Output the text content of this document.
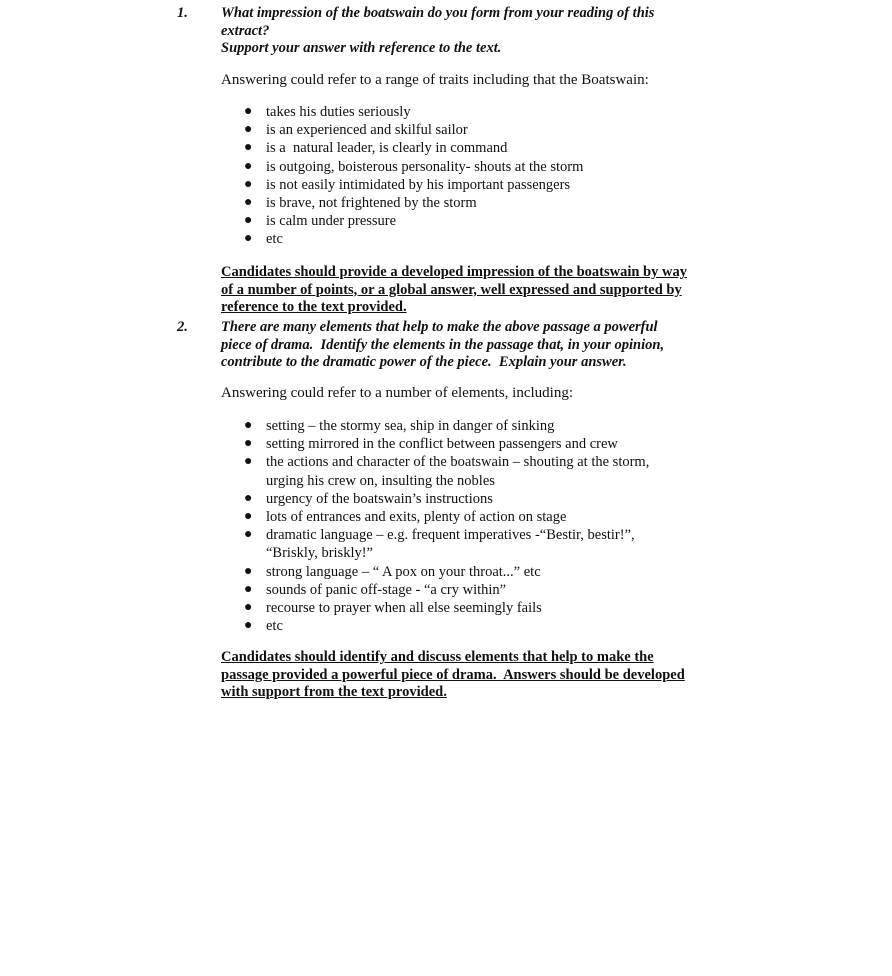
1. What impression of the boatswain do you form from your reading of this
extract?
Support your answer with reference to the text.
Answering could refer to a range of traits including that the Boatswain:
● takes his duties seriously
● is an experienced and skilful sailor
● is a  natural leader, is clearly in command
● is outgoing, boisterous personality- shouts at the storm
● is not easily intimidated by his important passengers
● is brave, not frightened by the storm
● is calm under pressure
● etc
Candidates should provide a developed impression of the boatswain by way
of a number of points, or a global answer, well expressed and supported by
reference to the text provided.
2. There are many elements that help to make the above passage a powerful
piece of drama.  Identify the elements in the passage that, in your opinion,
contribute to the dramatic power of the piece.  Explain your answer.
Answering could refer to a number of elements, including:
● setting – the stormy sea, ship in danger of sinking
● setting mirrored in the conflict between passengers and crew
● the actions and character of the boatswain – shouting at the storm,
urging his crew on, insulting the nobles
● urgency of the boatswain’s instructions
● lots of entrances and exits, plenty of action on stage
● dramatic language – e.g. frequent imperatives -“Bestir, bestir!”,
“Briskly, briskly!”
● strong language – “ A pox on your throat...” etc
● sounds of panic off-stage - “a cry within”
● recourse to prayer when all else seemingly fails
● etc
Candidates should identify and discuss elements that help to make the
passage provided a powerful piece of drama.  Answers should be developed
with support from the text provided.
